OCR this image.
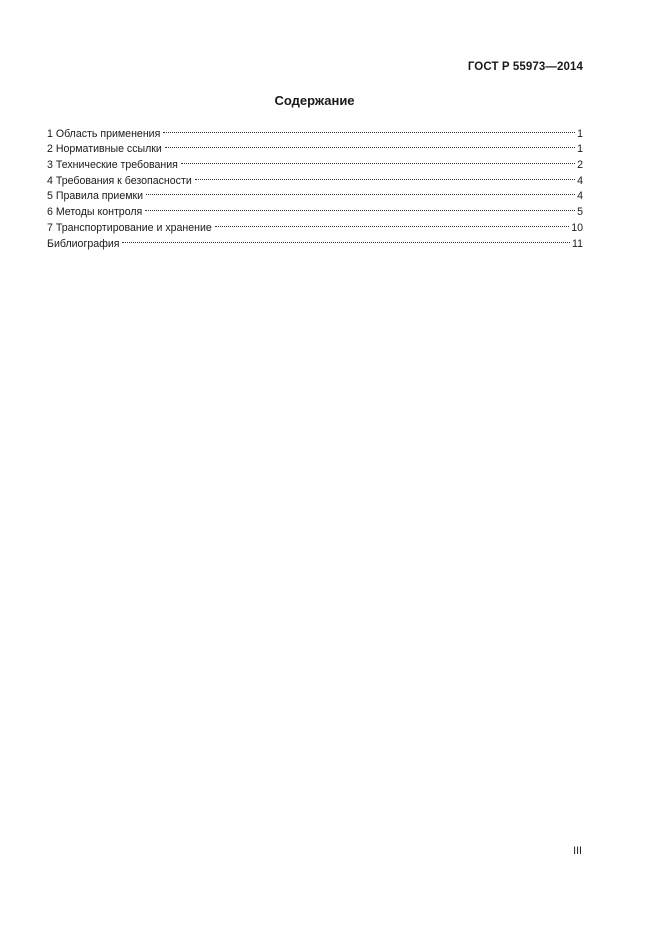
ГОСТ Р 55973—2014
Содержание
1 Область применения	1
2 Нормативные ссылки	1
3 Технические требования	2
4 Требования к безопасности	4
5 Правила приемки	4
6 Методы контроля	5
7 Транспортирование и хранение	10
Библиография	11
III
